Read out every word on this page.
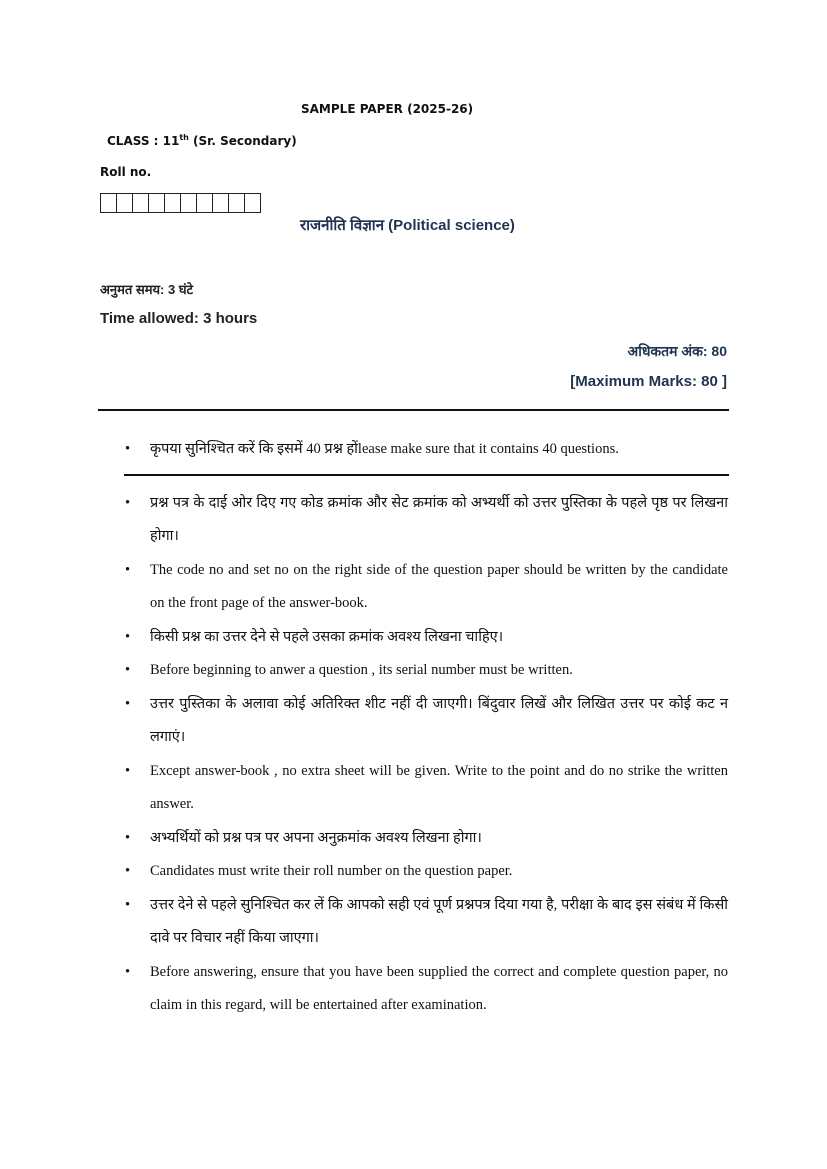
SAMPLE PAPER (2025-26)
CLASS : 11th (Sr. Secondary)
Roll no.
राजनीति विज्ञान (Political science)
अनुमत समय: 3 घंटे
Time allowed: 3 hours
अधिकतम अंक: 80
[Maximum Marks: 80 ]
• कृपया सुनिश्चित करें कि इसमें 40 प्रश्न होंlease make sure that it contains 40 questions.
• प्रश्न पत्र के दाई ओर दिए गए कोड क्रमांक और सेट क्रमांक को अभ्यर्थी को उत्तर पुस्तिका के पहले पृष्ठ पर लिखना होगा।
• The code no and set no on the right side of the question paper should be written by the candidate on the front page of the answer-book.
• किसी प्रश्न का उत्तर देने से पहले उसका क्रमांक अवश्य लिखना चाहिए।
• Before beginning to anwer a question , its serial number must be written.
• उत्तर पुस्तिका के अलावा कोई अतिरिक्त शीट नहीं दी जाएगी। बिंदुवार लिखें और लिखित उत्तर पर कोई कट न लगाएं।
• Except answer-book , no extra sheet will be given. Write to the point and do no strike the written answer.
• अभ्यर्थियों को प्रश्न पत्र पर अपना अनुक्रमांक अवश्य लिखना होगा।
• Candidates must write their roll number on the question paper.
• उत्तर देने से पहले सुनिश्चित कर लें कि आपको सही एवं पूर्ण प्रश्नपत्र दिया गया है, परीक्षा के बाद इस संबंध में किसी दावे पर विचार नहीं किया जाएगा।
• Before answering, ensure that you have been supplied the correct and complete question paper, no claim in this regard, will be entertained after examination.
